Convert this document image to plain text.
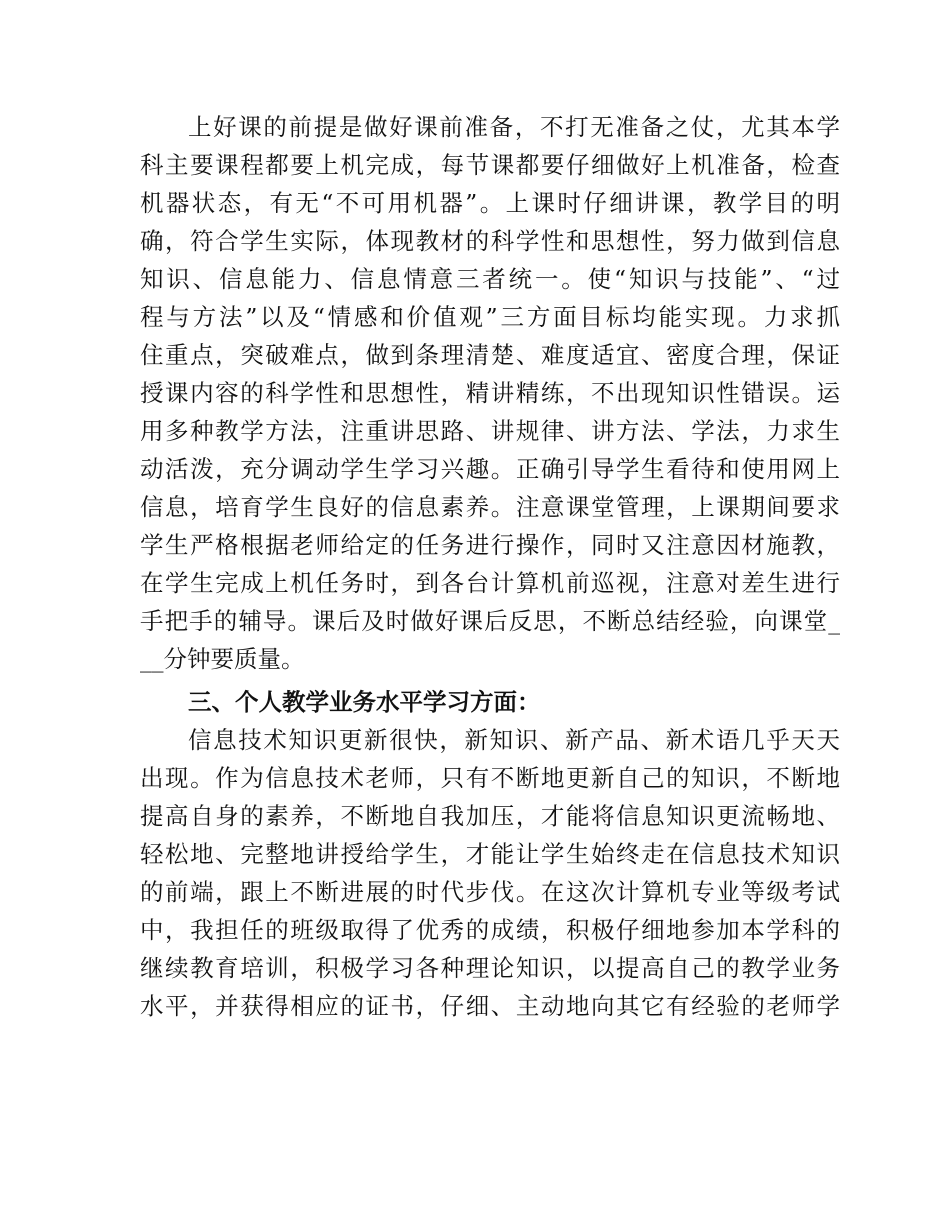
上好课的前提是做好课前准备，不打无准备之仗，尤其本学
科主要课程都要上机完成，每节课都要仔细做好上机准备，检查
机器状态，有无“不可用机器”。上课时仔细讲课，教学目的明
确，符合学生实际，体现教材的科学性和思想性，努力做到信息
知识、信息能力、信息情意三者统一。使“知识与技能”、“过
程与方法”以及“情感和价值观”三方面目标均能实现。力求抓
住重点，突破难点，做到条理清楚、难度适宜、密度合理，保证
授课内容的科学性和思想性，精讲精练，不出现知识性错误。运
用多种教学方法，注重讲思路、讲规律、讲方法、学法，力求生
动活泼，充分调动学生学习兴趣。正确引导学生看待和使用网上
信息，培育学生良好的信息素养。注意课堂管理，上课期间要求
学生严格根据老师给定的任务进行操作，同时又注意因材施教，
在学生完成上机任务时，到各台计算机前巡视，注意对差生进行
手把手的辅导。课后及时做好课后反思，不断总结经验，向课堂_
__分钟要质量。
三、个人教学业务水平学习方面：
信息技术知识更新很快，新知识、新产品、新术语几乎天天
出现。作为信息技术老师，只有不断地更新自己的知识，不断地
提高自身的素养，不断地自我加压，才能将信息知识更流畅地、
轻松地、完整地讲授给学生，才能让学生始终走在信息技术知识
的前端，跟上不断进展的时代步伐。在这次计算机专业等级考试
中，我担任的班级取得了优秀的成绩，积极仔细地参加本学科的
继续教育培训，积极学习各种理论知识，以提高自己的教学业务
水平，并获得相应的证书，仔细、主动地向其它有经验的老师学
